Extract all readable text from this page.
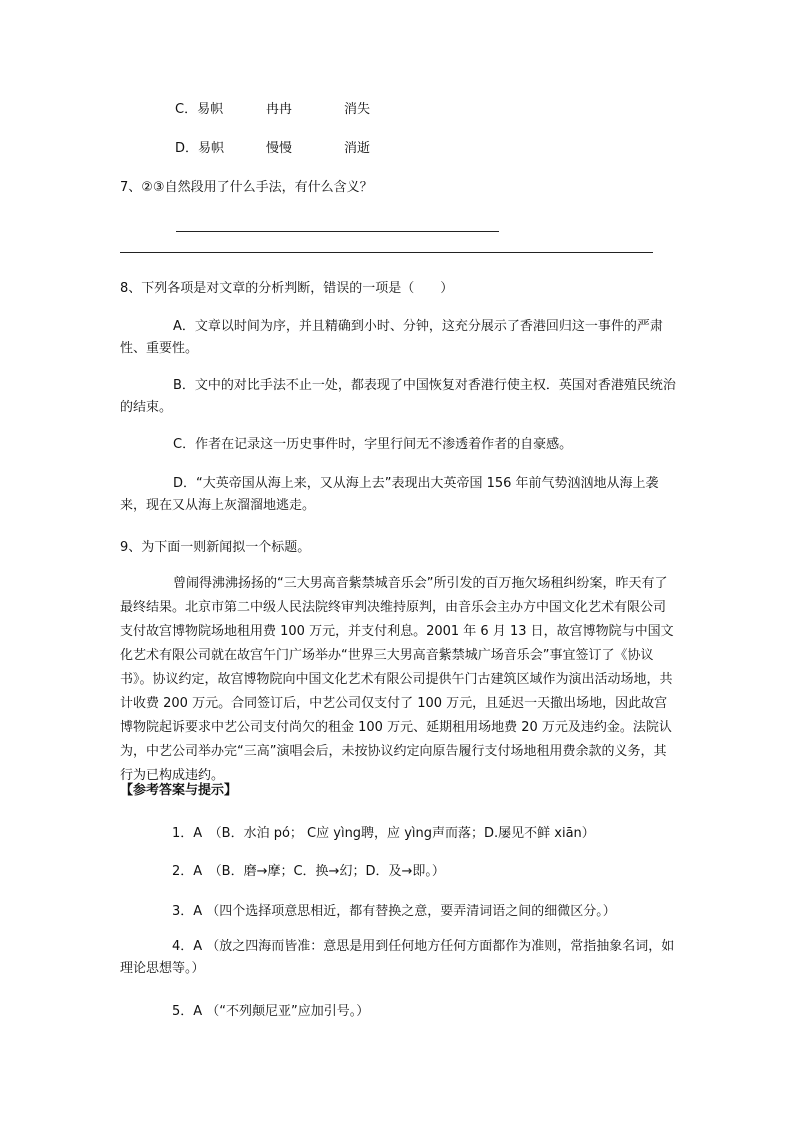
C．易帜	冉冉	消失
D．易帜	慢慢	消逝
7、②③自然段用了什么手法，有什么含义？
8、下列各项是对文章的分析判断，错误的一项是（　　）
A．文章以时间为序，并且精确到小时、分钟，这充分展示了香港回归这一事件的严肃性、重要性。
B．文中的对比手法不止一处，都表现了中国恢复对香港行使主权．英国对香港殖民统治的结束。
C．作者在记录这一历史事件时，字里行间无不渗透着作者的自豪感。
D．“大英帝国从海上来，又从海上去”表现出大英帝国 156 年前气势汹汹地从海上袭来，现在又从海上灰溜溜地逃走。
9、为下面一则新闻拟一个标题。
曾闹得沸沸扬扬的“三大男高音紫禁城音乐会”所引发的百万拖欠场租纠纷案，昨天有了最终结果。北京市第二中级人民法院终审判决维持原判，由音乐会主办方中国文化艺术有限公司支付故宫博物院场地租用费 100 万元，并支付利息。2001 年 6 月 13 日，故宫博物院与中国文化艺术有限公司就在故宫午门广场举办“世界三大男高音紫禁城广场音乐会”事宜签订了《协议书》。协议约定，故宫博物院向中国文化艺术有限公司提供午门古建筑区域作为演出活动场地，共计收费 200 万元。合同签订后，中艺公司仅支付了 100 万元，且延迟一天撤出场地，因此故宫博物院起诉要求中艺公司支付尚欠的租金 100 万元、延期租用场地费 20 万元及违约金。法院认为，中艺公司举办完“三高”演唱会后，未按协议约定向原告履行支付场地租用费余款的义务，其行为已构成违约。
【参考答案与提示】
1．A　（B．水泊 pó； C应 yìng聘，应 yìng声而落；D.屡见不鲜 xiān）
2．A　（B．磨→摩；C．换→幻；D．及→即。）
3．A （四个选择项意思相近，都有替换之意，要弄清词语之间的细微区分。）
4．A （放之四海而皆准：意思是用到任何地方任何方面都作为准则，常指抽象名词，如理论思想等。）
5．A （“不列颠尼亚”应加引号。）
